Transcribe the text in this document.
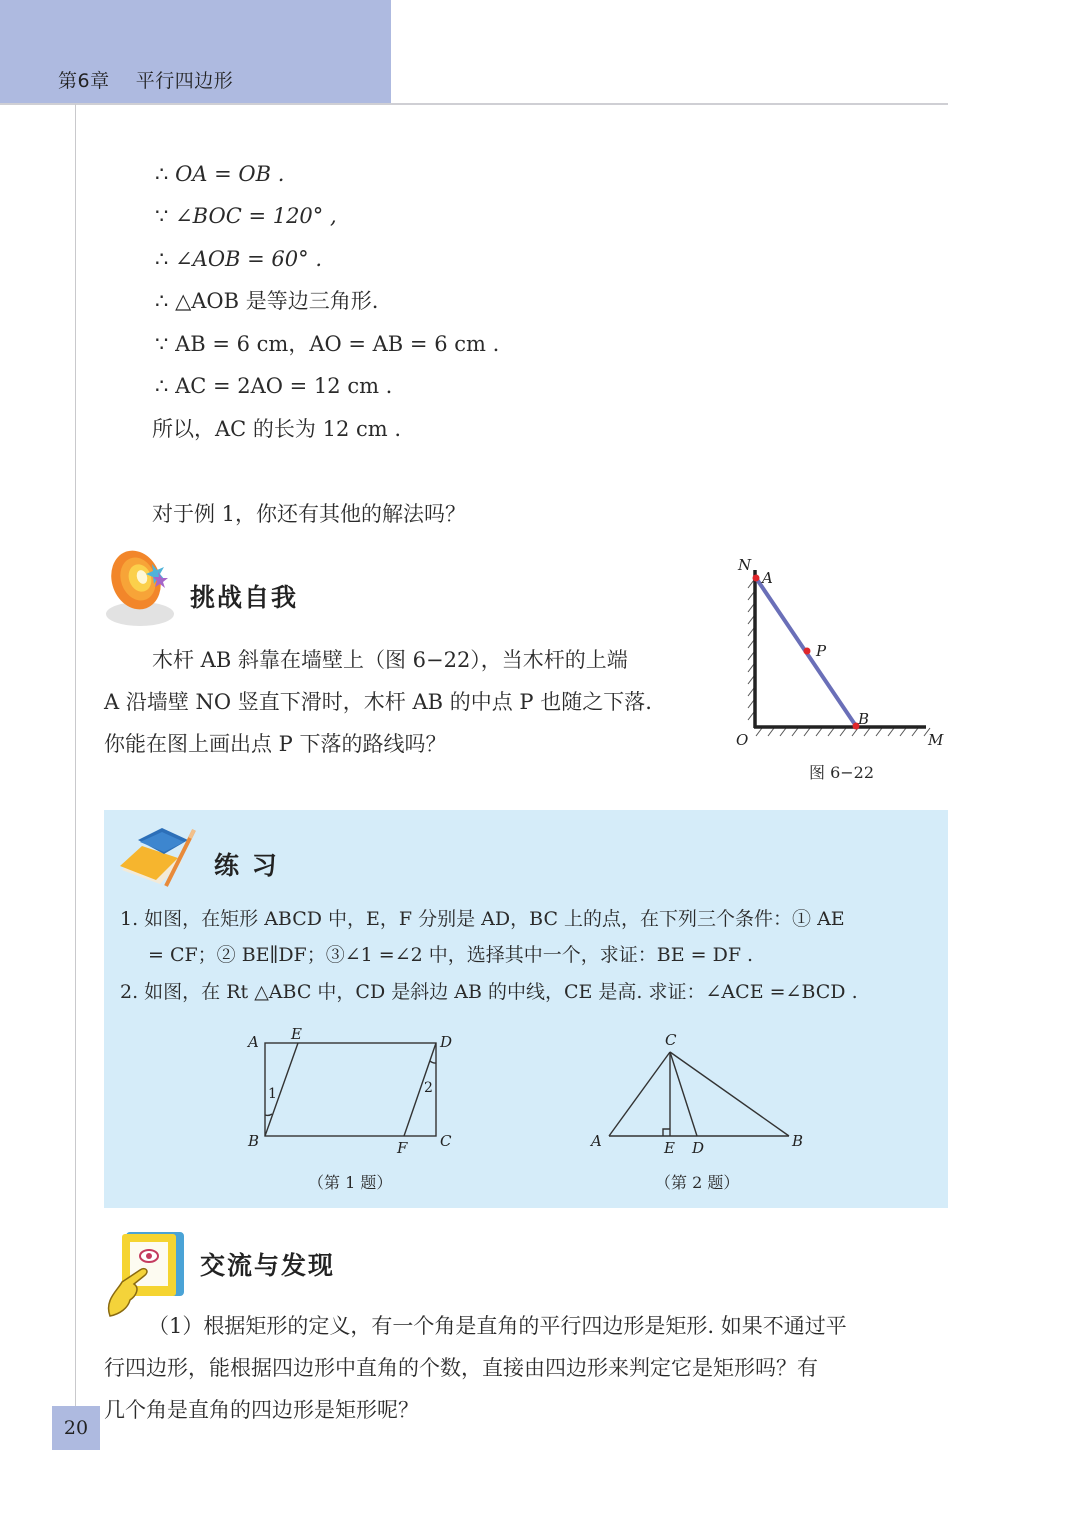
第6章 平行四边形
∴ OA = OB .
∵ ∠BOC = 120° ,
∴ ∠AOB = 60° .
∴ △AOB 是等边三角形.
∵ AB = 6 cm，AO = AB = 6 cm .
∴ AC = 2AO = 12 cm .
所以，AC 的长为 12 cm .
对于例 1，你还有其他的解法吗？
挑战自我
木杆 AB 斜靠在墙壁上（图 6−22），当木杆的上端
A 沿墙壁 NO 竖直下滑时，木杆 AB 的中点 P 也随之下落.
你能在图上画出点 P 下落的路线吗？
N
A
P
B
O	M
图 6−22
练 习
1. 如图，在矩形 ABCD 中，E，F 分别是 AD，BC 上的点，在下列三个条件：① AE
= CF；② BE∥DF；③∠1 =∠2 中，选择其中一个，求证：BE = DF .
2. 如图，在 Rt △ABC 中，CD 是斜边 AB 的中线，CE 是高. 求证：∠ACE =∠BCD .
A E	D
B	F C
1	2
（第 1 题）
C
A	E D	B
（第 2 题）
交流与发现
（1）根据矩形的定义，有一个角是直角的平行四边形是矩形. 如果不通过平
行四边形，能根据四边形中直角的个数，直接由四边形来判定它是矩形吗？有
几个角是直角的四边形是矩形呢？
20
